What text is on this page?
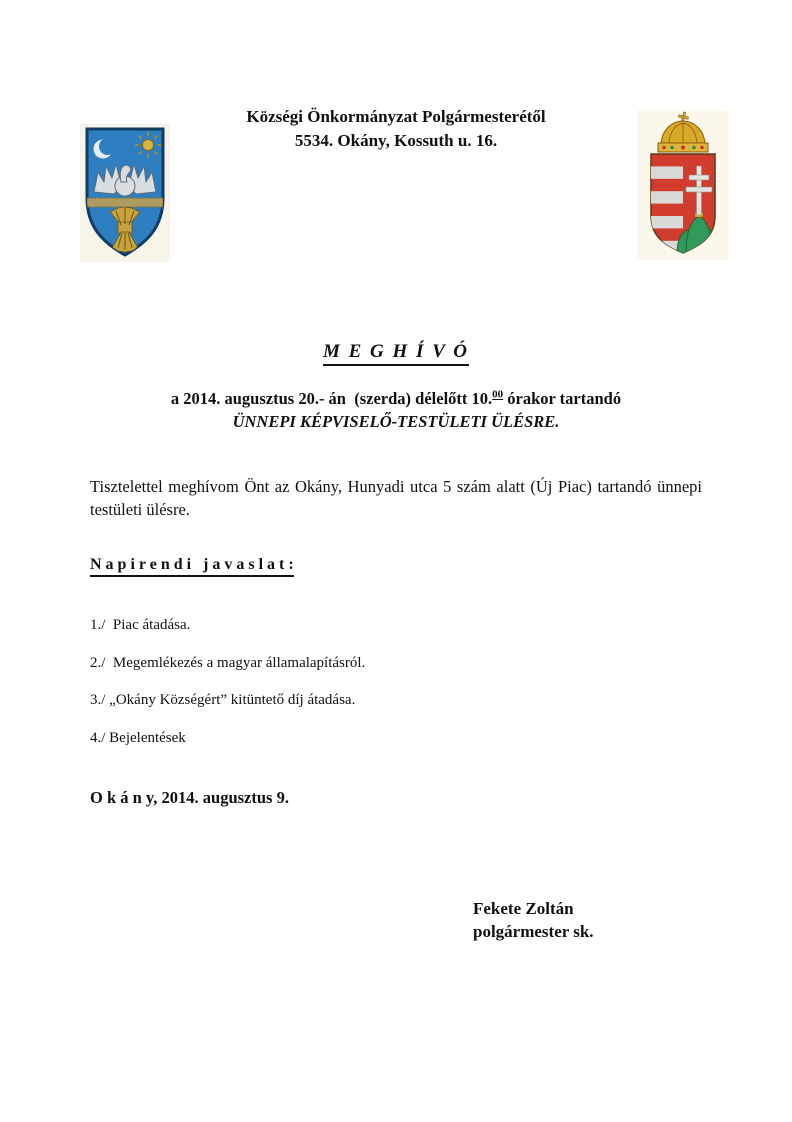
Községi Önkormányzat Polgármesterétől
5534. Okány, Kossuth u. 16.
M E G H Í V Ó
a 2014. augusztus 20.- án  (szerda) délelőtt 10.00 órakor tartandó
ÜNNEPI KÉPVISELŐ-TESTÜLETI ÜLÉSRE.

Tisztelettel meghívom Önt az Okány, Hunyadi utca 5 szám alatt (Új Piac) tartandó ünnepi testületi ülésre.

N a p i r e n d i   j a v a s l a t :
1./  Piac átadása.
2./  Megemlékezés a magyar államalapításról.
3./ „Okány Községért” kitüntető díj átadása.
4./ Bejelentések
O k á n y, 2014. augusztus 9.
Fekete Zoltán
polgármester sk.
